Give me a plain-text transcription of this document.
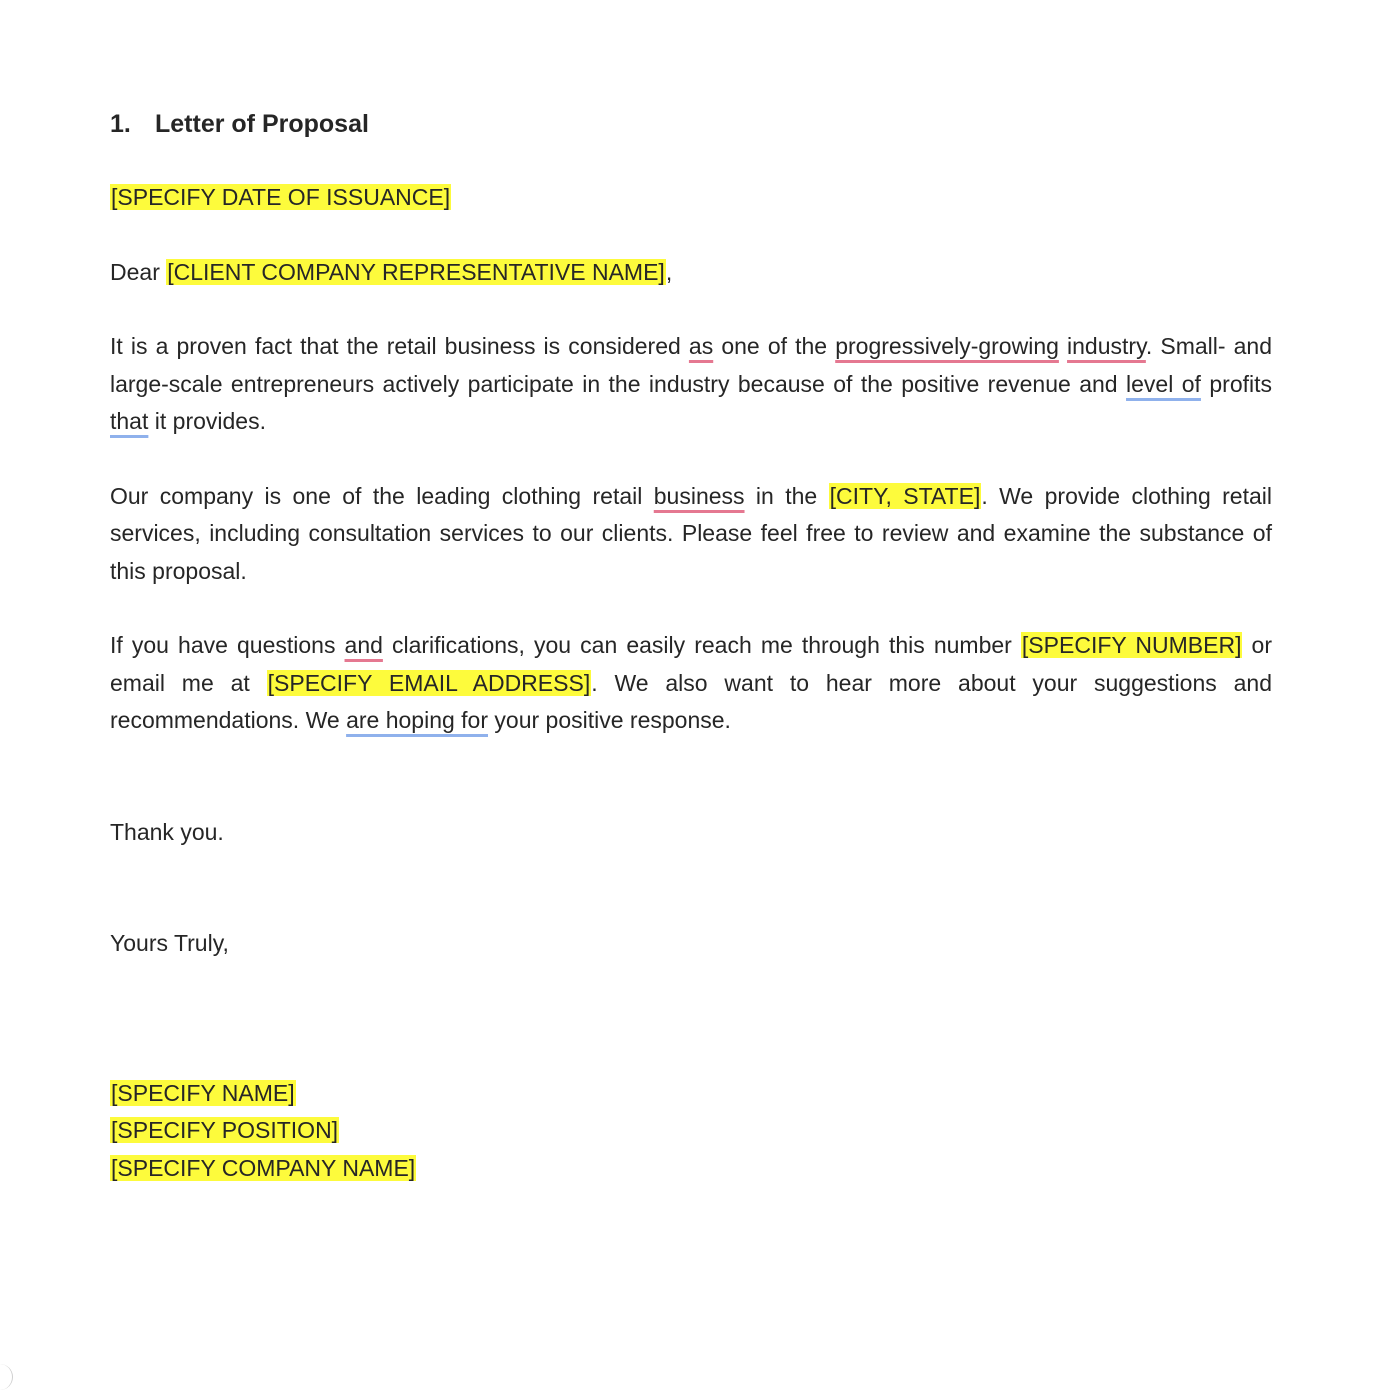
1. Letter of Proposal

[SPECIFY DATE OF ISSUANCE]

Dear [CLIENT COMPANY REPRESENTATIVE NAME],

It is a proven fact that the retail business is considered as one of the progressively-growing industry. Small- and large-scale entrepreneurs actively participate in the industry because of the positive revenue and level of profits that it provides.

Our company is one of the leading clothing retail business in the [CITY, STATE]. We provide clothing retail services, including consultation services to our clients. Please feel free to review and examine the substance of this proposal.

If you have questions and clarifications, you can easily reach me through this number [SPECIFY NUMBER] or email me at [SPECIFY EMAIL ADDRESS]. We also want to hear more about your suggestions and recommendations. We are hoping for your positive response.

Thank you.

Yours Truly,

[SPECIFY NAME]

[SPECIFY POSITION]

[SPECIFY COMPANY NAME]
